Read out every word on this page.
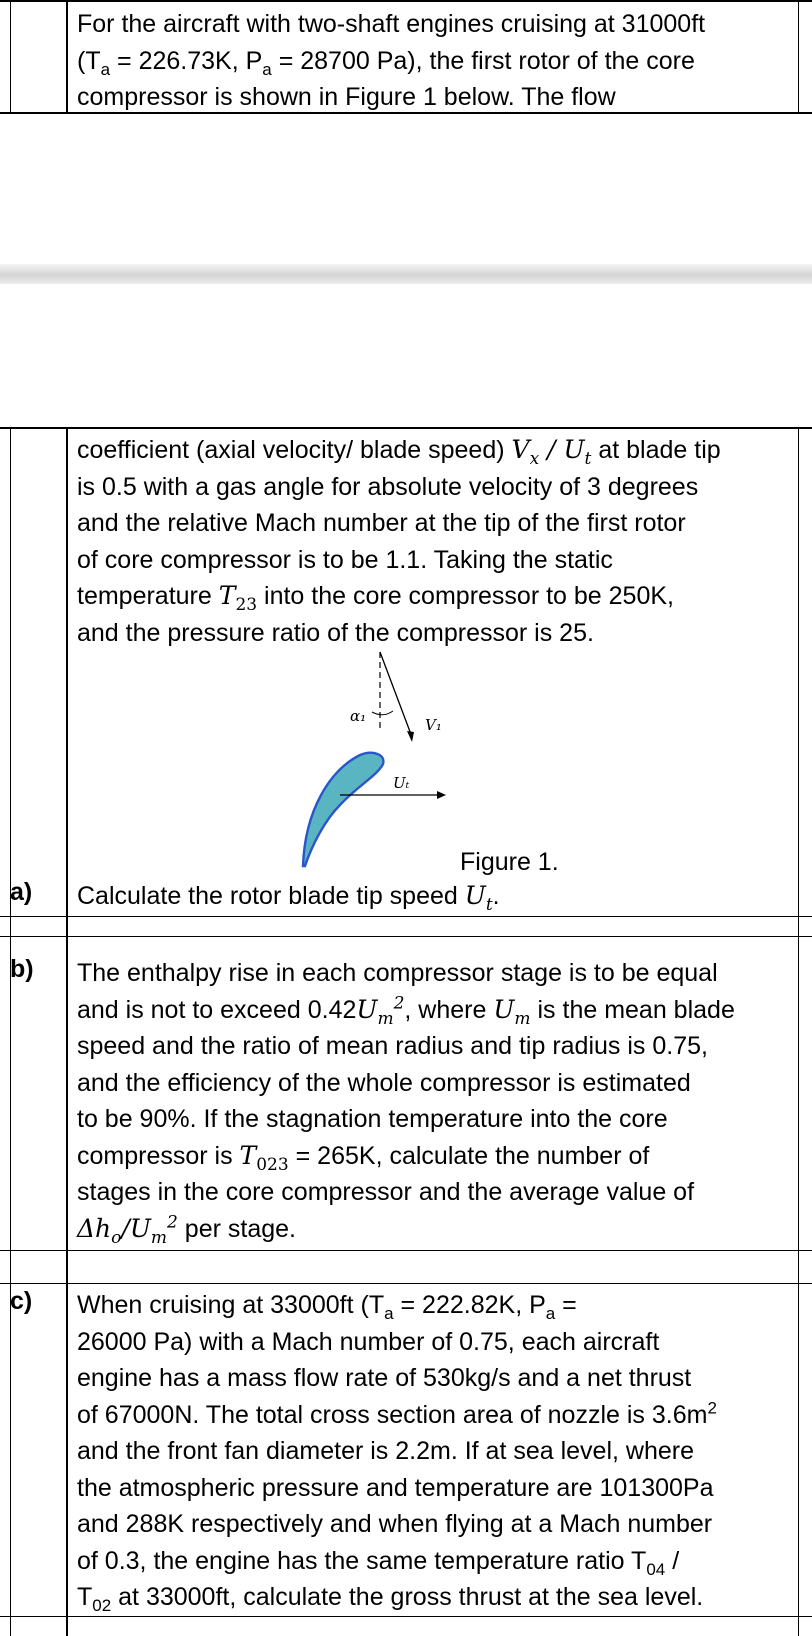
For the aircraft with two-shaft engines cruising at 31000ft
($T_a = 226.73K$, $P_a = 28700$ Pa), the first rotor of the core
compressor is shown in Figure 1 below. The flow
coefficient (axial velocity/ blade speed) $V_x / U_t$ at blade tip
is 0.5 with a gas angle for absolute velocity of 3 degrees
and the relative Mach number at the tip of the first rotor
of core compressor is to be 1.1. Taking the static
temperature $T_{23}$ into the core compressor to be 250K,
and the pressure ratio of the compressor is 25.
α₁	V₁
Uₜ
Figure 1.
a) Calculate the rotor blade tip speed $U_t$.
b) The enthalpy rise in each compressor stage is to be equal
and is not to exceed $0.42U_m^2$, where $U_m$ is the mean blade
speed and the ratio of mean radius and tip radius is 0.75,
and the efficiency of the whole compressor is estimated
to be 90%. If the stagnation temperature into the core
compressor is $T_{023} = 265K$, calculate the number of
stages in the core compressor and the average value of
$\Delta h_o/U_m^2$ per stage.
c) When cruising at 33000ft ($T_a = 222.82K$, $P_a$ =
26000 Pa) with a Mach number of 0.75, each aircraft
engine has a mass flow rate of 530kg/s and a net thrust
of 67000N. The total cross section area of nozzle is $3.6m^2$
and the front fan diameter is 2.2m. If at sea level, where
the atmospheric pressure and temperature are 101300Pa
and 288K respectively and when flying at a Mach number
of 0.3, the engine has the same temperature ratio $T_{04}$ /
$T_{02}$ at 33000ft, calculate the gross thrust at the sea level.
